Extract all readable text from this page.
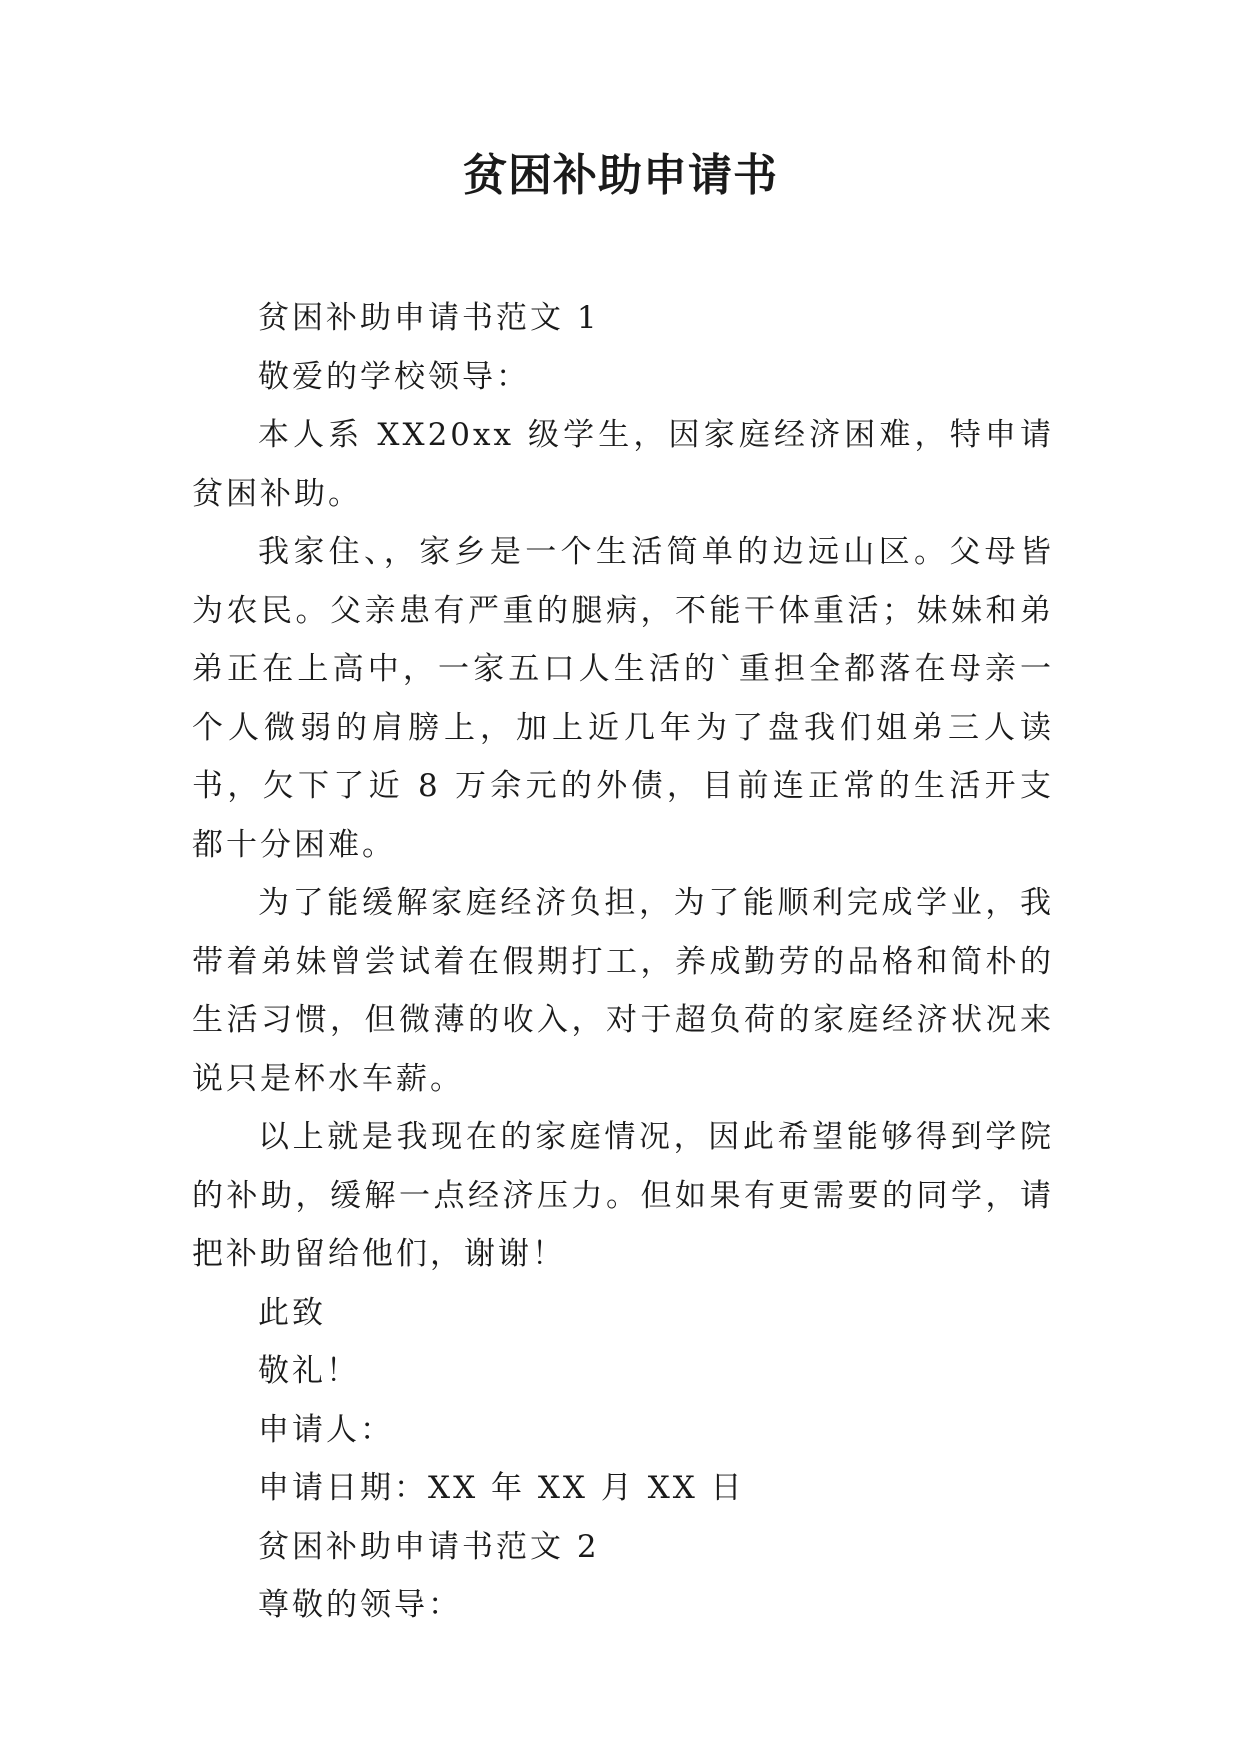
贫困补助申请书

贫困补助申请书范文 1

敬爱的学校领导：

本人系 XX20xx 级学生，因家庭经济困难，特申请贫困补助。

我家住、，家乡是一个生活简单的边远山区。父母皆为农民。父亲患有严重的腿病，不能干体重活；妹妹和弟弟正在上高中，一家五口人生活的`重担全都落在母亲一个人微弱的肩膀上，加上近几年为了盘我们姐弟三人读书，欠下了近 8 万余元的外债，目前连正常的生活开支都十分困难。

为了能缓解家庭经济负担，为了能顺利完成学业，我带着弟妹曾尝试着在假期打工，养成勤劳的品格和简朴的生活习惯，但微薄的收入，对于超负荷的家庭经济状况来说只是杯水车薪。

以上就是我现在的家庭情况，因此希望能够得到学院的补助，缓解一点经济压力。但如果有更需要的同学，请把补助留给他们，谢谢！

此致

敬礼！

申请人：

申请日期：XX 年 XX 月 XX 日

贫困补助申请书范文 2

尊敬的领导：
